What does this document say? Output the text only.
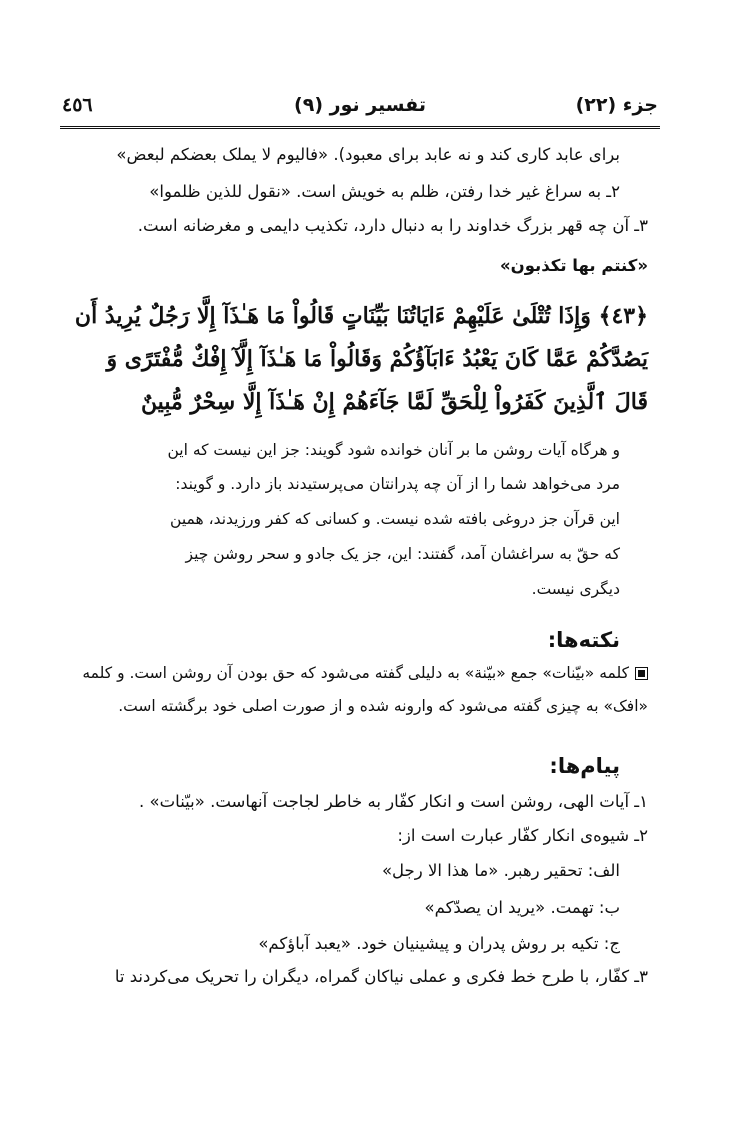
٤٥٦	تفسیر نور (٩)	جزء (٢٢)
برای عابد کاری کند و نه عابد برای معبود). «فالیوم لا یملک بعضکم لبعض»
٢ـ به سراغ غیر خدا رفتن، ظلم به خویش است. «نقول للذین ظلموا»
٣ـ آن چه قهر بزرگ خداوند را به دنبال دارد، تکذیب دایمی و مغرضانه است.
«کنتم بها تکذبون»
﴿٤٣﴾ وَإِذَا تُتْلَىٰ عَلَيْهِمْ ءَايَاتُنَا بَيِّنَاتٍ قَالُواْ مَا هَـٰذَآ إِلَّا رَجُلٌ يُرِيدُ أَن
يَصُدَّكُمْ عَمَّا كَانَ يَعْبُدُ ءَابَآؤُكُمْ وَقَالُواْ مَا هَـٰذَآ إِلَّآ إِفْكٌ مُّفْتَرًى وَ
قَالَ ٱلَّذِينَ كَفَرُواْ لِلْحَقِّ لَمَّا جَآءَهُمْ إِنْ هَـٰذَآ إِلَّا سِحْرٌ مُّبِينٌ
و هرگاه آیات روشن ما بر آنان خوانده شود گویند: جز این نیست که این
مرد می‌خواهد شما را از آن چه پدرانتان می‌پرستیدند باز دارد. و گویند:
این قرآن جز دروغی بافته شده نیست. و کسانی که کفر ورزیدند، همین
که حقّ به سراغشان آمد، گفتند: این، جز یک جادو و سحر روشن چیز
دیگری نیست.
نکته‌ها:
کلمه «بیّنات» جمع «بیّنة» به دلیلی گفته می‌شود که حق بودن آن روشن است. و کلمه
«افک» به چیزی گفته می‌شود که وارونه شده و از صورت اصلی خود برگشته است.
پیام‌ها:
١ـ آیات الهی، روشن است و انکار کفّار به خاطر لجاجت آنهاست. «بیّنات» .
٢ـ شیوه‌ی انکار کفّار عبارت است از:
الف: تحقیر رهبر. «ما هذا الا رجل»
ب: تهمت. «یرید ان یصدّکم»
ج: تکیه بر روش پدران و پیشینیان خود. «یعبد آباؤکم»
٣ـ کفّار، با طرح خط فکری و عملی نیاکان گمراه، دیگران را تحریک می‌کردند تا
